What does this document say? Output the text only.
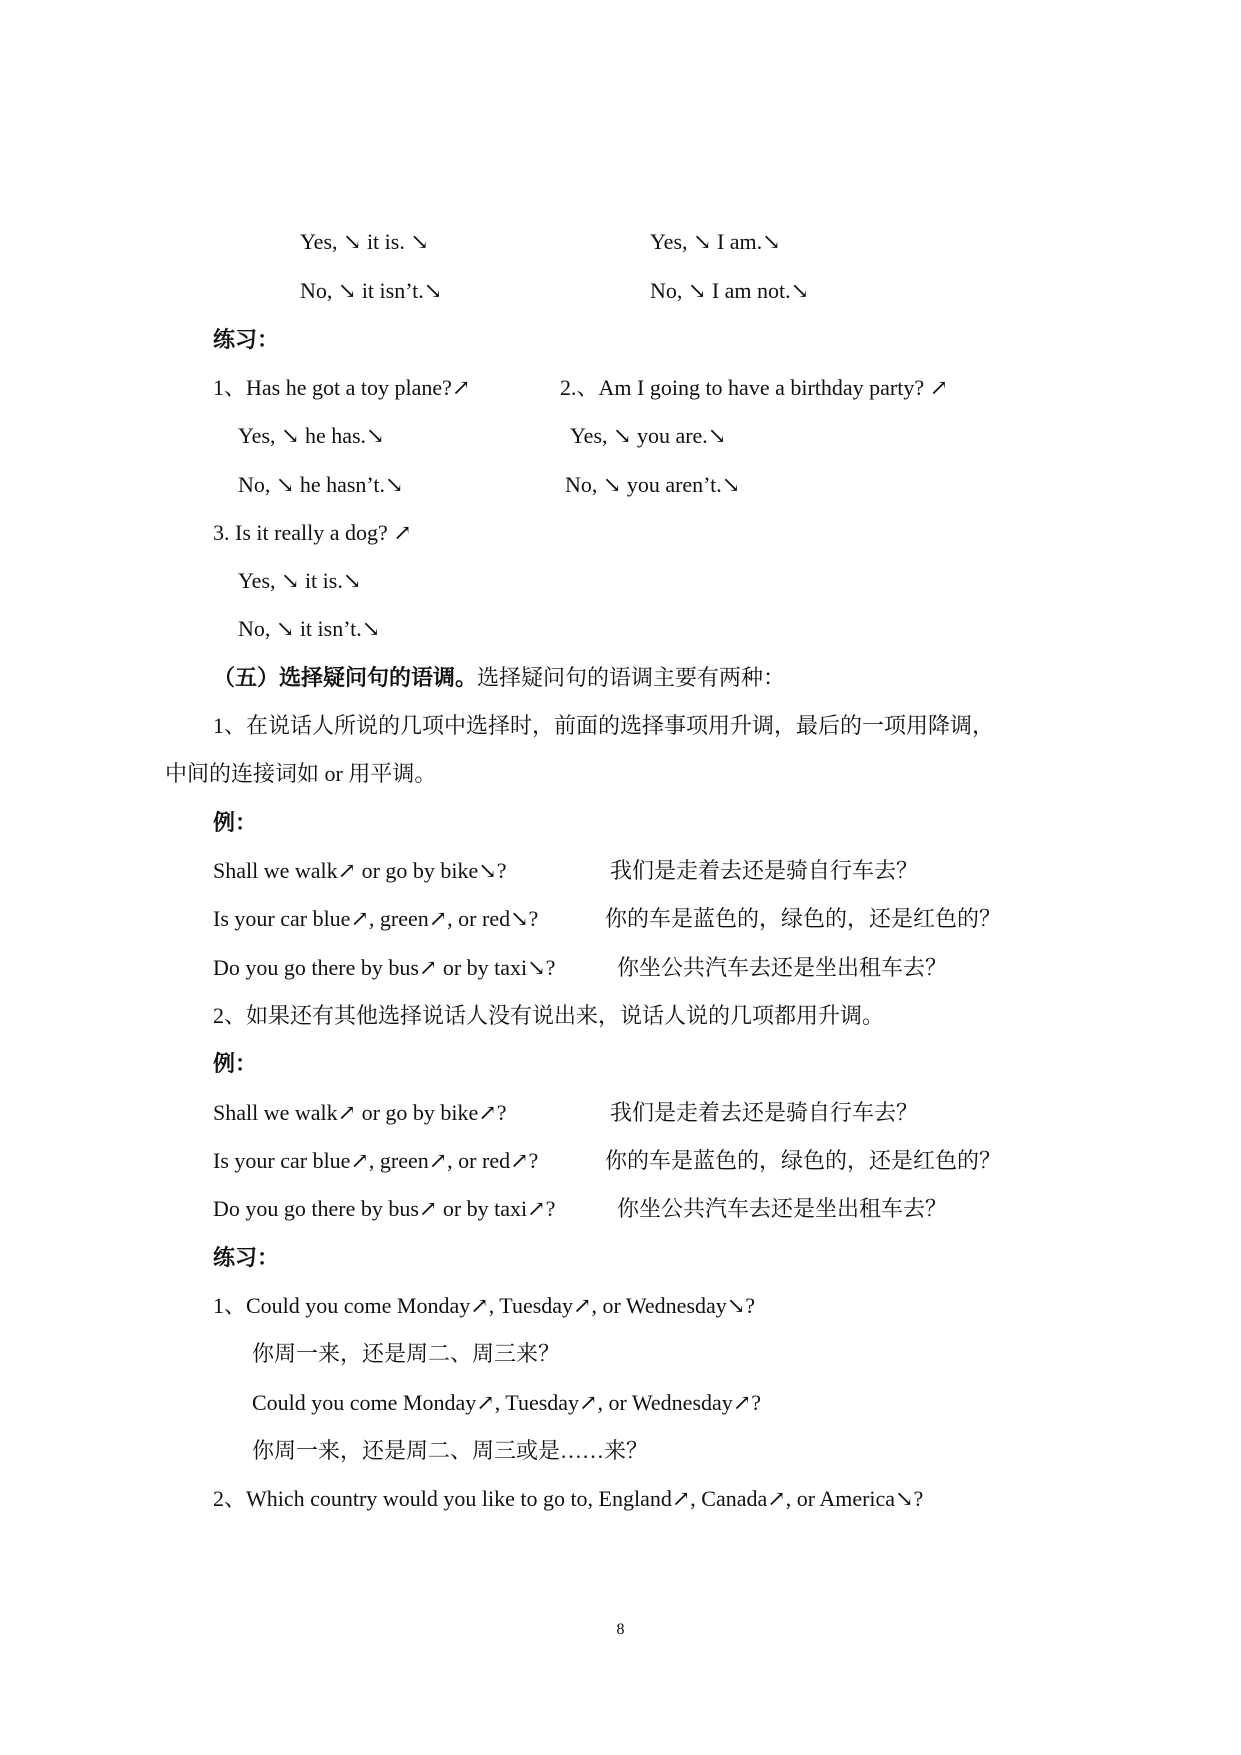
Yes, ↘ it is. ↘	Yes, ↘ I am.↘
No, ↘ it isn’t.↘	No, ↘ I am not.↘
练习：
1、Has he got a toy plane?↗	2.、Am I going to have a birthday party? ↗
Yes, ↘ he has.↘	Yes, ↘ you are.↘
No, ↘ he hasn’t.↘	No, ↘ you aren’t.↘
3. Is it really a dog? ↗
Yes, ↘ it is.↘
No, ↘ it isn’t.↘
（五）选择疑问句的语调。选择疑问句的语调主要有两种：
1、在说话人所说的几项中选择时，前面的选择事项用升调，最后的一项用降调，
中间的连接词如 or 用平调。
例：
Shall we walk↗ or go by bike↘?	我们是走着去还是骑自行车去？
Is your car blue↗, green↗, or red↘?	你的车是蓝色的，绿色的，还是红色的？
Do you go there by bus↗ or by taxi↘?	你坐公共汽车去还是坐出租车去？
2、如果还有其他选择说话人没有说出来，说话人说的几项都用升调。
例：
Shall we walk↗ or go by bike↗?	我们是走着去还是骑自行车去？
Is your car blue↗, green↗, or red↗?	你的车是蓝色的，绿色的，还是红色的？
Do you go there by bus↗ or by taxi↗?	你坐公共汽车去还是坐出租车去？
练习：
1、Could you come Monday↗, Tuesday↗, or Wednesday↘?
你周一来，还是周二、周三来？
Could you come Monday↗, Tuesday↗, or Wednesday↗?
你周一来，还是周二、周三或是……来？
2、Which country would you like to go to, England↗, Canada↗, or America↘?
8
